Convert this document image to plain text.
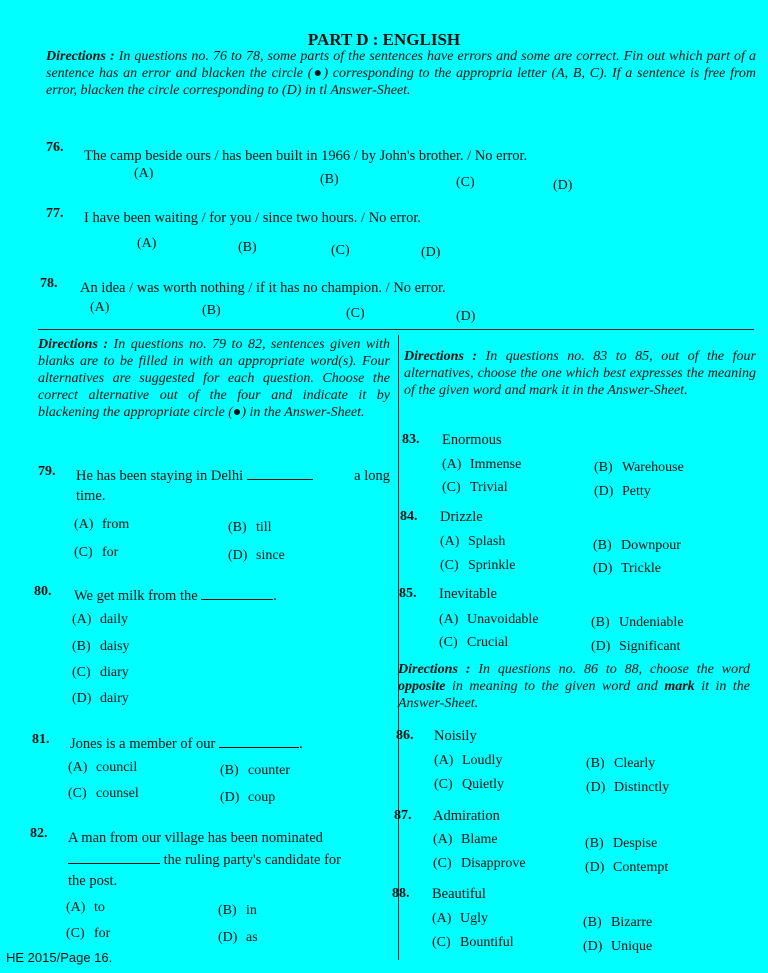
PART D : ENGLISH
Directions : In questions no. 76 to 78, some parts of the sentences have errors and some are correct. Fin out which part of a sentence has an error and blacken the circle (●) corresponding to the appropria letter (A, B, C). If a sentence is free from error, blacken the circle corresponding to (D) in tl Answer-Sheet.
76.
The camp beside ours / has been built in 1966 / by John's brother. / No error.
(A)	(B)	(C)	(D)
77. I have been waiting / for you / since two hours. / No error.
(A)	(B)	(C)	(D)
78. An idea / was worth nothing / if it has no champion. / No error.
(A)	(B)	(C)	(D)
Directions : In questions no. 79 to 82, sentences given with blanks are to be filled in with an appropriate word(s). Four alternatives are suggested for each question. Choose the correct alternative out of the four and indicate it by blackening the appropriate circle (●) in the Answer-Sheet.
79. He has been staying in Delhi	a long
time.
(A) from	(B) till
(C) for	(D) since
80. We get milk from the	.
(A) daily
(B) daisy
(C) diary
(D) dairy
81. Jones is a member of our	.
(A) council	(B) counter
(C) counsel	(D) coup
82. A man from our village has been nominated
the ruling party's candidate for
the post.
(A) to	(B) in
(C) for	(D) as
Directions : In questions no. 83 to 85, out of the four alternatives, choose the one which best expresses the meaning of the given word and mark it in the Answer-Sheet.
83. Enormous
(A) Immense	(B) Warehouse
(C) Trivial	(D) Petty
84. Drizzle
(A) Splash	(B) Downpour
(C) Sprinkle	(D) Trickle
85. Inevitable
(A) Unavoidable	(B) Undeniable
(C) Crucial	(D) Significant
Directions : In questions no. 86 to 88, choose the word opposite in meaning to the given word and mark it in the Answer-Sheet.
86. Noisily
(A) Loudly	(B) Clearly
(C) Quietly	(D) Distinctly
87. Admiration
(A) Blame	(B) Despise
(C) Disapprove	(D) Contempt
88. Beautiful
(A) Ugly	(B) Bizarre
(C) Bountiful	(D) Unique
HE 2015/Page 16.
